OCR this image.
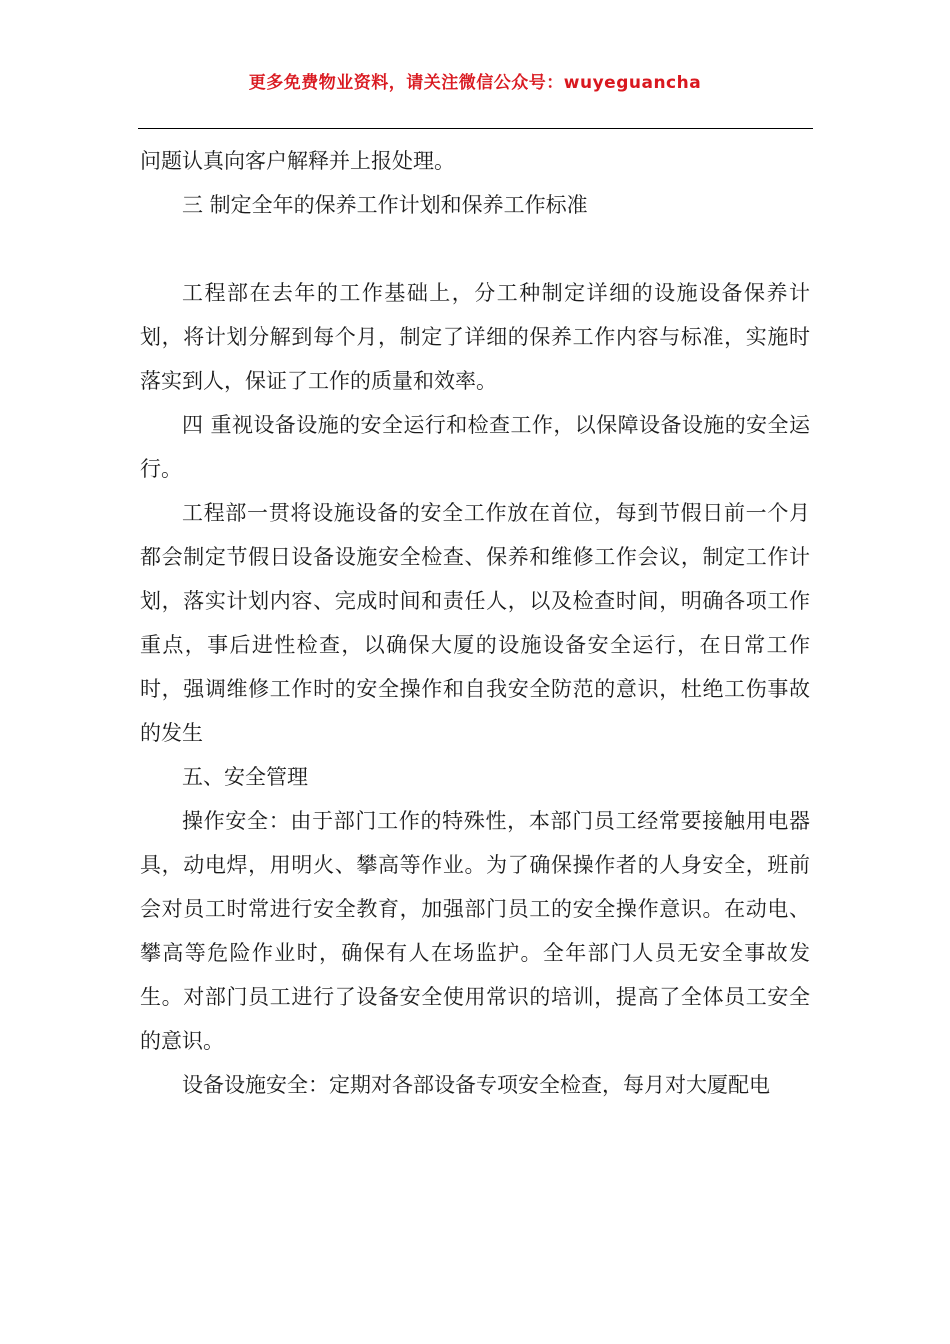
更多免费物业资料，请关注微信公众号：wuyeguancha

问题认真向客户解释并上报处理。

三 制定全年的保养工作计划和保养工作标准

工程部在去年的工作基础上，分工种制定详细的设施设备保养计划，将计划分解到每个月，制定了详细的保养工作内容与标准，实施时落实到人，保证了工作的质量和效率。

四 重视设备设施的安全运行和检查工作，以保障设备设施的安全运行。

工程部一贯将设施设备的安全工作放在首位，每到节假日前一个月都会制定节假日设备设施安全检查、保养和维修工作会议，制定工作计划，落实计划内容、完成时间和责任人，以及检查时间，明确各项工作重点，事后进性检查，以确保大厦的设施设备安全运行，在日常工作时，强调维修工作时的安全操作和自我安全防范的意识，杜绝工伤事故的发生

五、安全管理

操作安全：由于部门工作的特殊性，本部门员工经常要接触用电器具，动电焊，用明火、攀高等作业。为了确保操作者的人身安全，班前会对员工时常进行安全教育，加强部门员工的安全操作意识。在动电、攀高等危险作业时，确保有人在场监护。全年部门人员无安全事故发生。对部门员工进行了设备安全使用常识的培训，提高了全体员工安全的意识。

设备设施安全：定期对各部设备专项安全检查，每月对大厦配电
